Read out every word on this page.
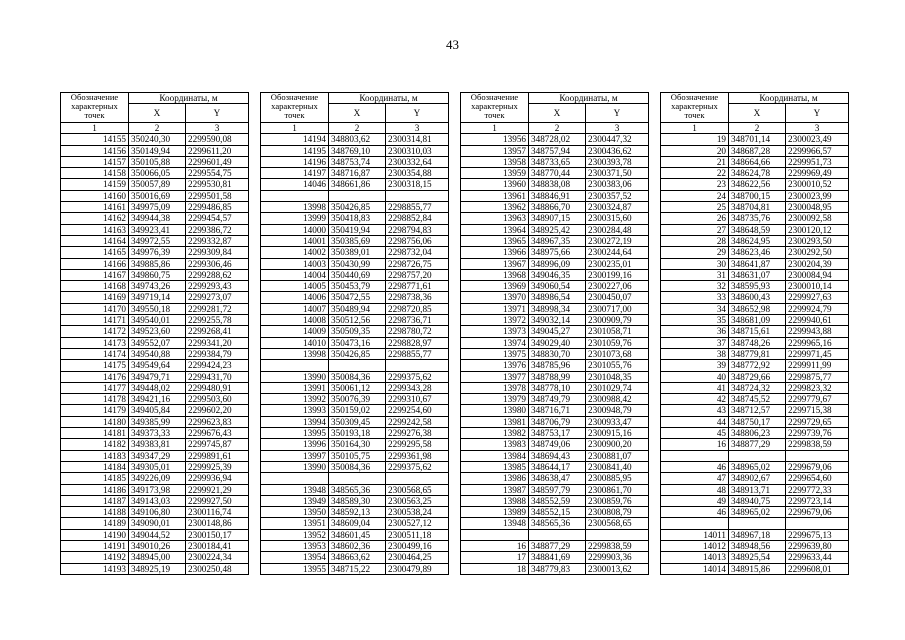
43
Обозначение характерных точек	Координаты, м	
	X	Y
1	2	3
14155	350240,30	2299590,08
14156	350149,94	2299611,20
14157	350105,88	2299601,49
14158	350066,05	2299554,75
14159	350057,89	2299530,81
14160	350016,69	2299501,58
14161	349975,09	2299486,85
14162	349944,38	2299454,57
14163	349923,41	2299386,72
14164	349972,55	2299332,87
14165	349976,39	2299309,84
14166	349885,86	2299306,46
14167	349860,75	2299288,62
14168	349743,26	2299293,43
14169	349719,14	2299273,07
14170	349550,18	2299281,72
14171	349540,01	2299255,78
14172	349523,60	2299268,41
14173	349552,07	2299341,20
14174	349540,88	2299384,79
14175	349549,64	2299424,23
14176	349479,71	2299431,70
14177	349448,02	2299480,91
14178	349421,16	2299503,60
14179	349405,84	2299602,20
14180	349385,99	2299623,83
14181	349373,33	2299676,43
14182	349383,81	2299745,87
14183	349347,29	2299891,61
14184	349305,01	2299925,39
14185	349226,09	2299936,94
14186	349173,98	2299921,29
14187	349143,03	2299927,50
14188	349106,80	2300116,74
14189	349090,01	2300148,86
14190	349044,52	2300150,17
14191	349010,26	2300184,41
14192	348945,00	2300224,34
14193	348925,19	2300250,48
Обозначение характерных точек	Координаты, м	
	X	Y
1	2	3
14194	348803,62	2300314,81
14195	348769,10	2300310,03
14196	348753,74	2300332,64
14197	348716,87	2300354,88
14046	348661,86	2300318,15

13998	350426,85	2298855,77
13999	350418,83	2298852,84
14000	350419,94	2298794,83
14001	350385,69	2298756,06
14002	350389,01	2298732,04
14003	350430,99	2298726,75
14004	350440,69	2298757,20
14005	350453,79	2298771,61
14006	350472,55	2298738,36
14007	350489,94	2298720,85
14008	350512,56	2298736,71
14009	350509,35	2298780,72
14010	350473,16	2298828,97
13998	350426,85	2298855,77

13990	350084,36	2299375,62
13991	350061,12	2299343,28
13992	350076,39	2299310,67
13993	350159,02	2299254,60
13994	350309,45	2299242,58
13995	350193,18	2299276,38
13996	350164,30	2299295,58
13997	350105,75	2299361,98
13990	350084,36	2299375,62

13948	348565,36	2300568,65
13949	348589,30	2300563,25
13950	348592,13	2300538,24
13951	348609,04	2300527,12
13952	348601,45	2300511,18
13953	348602,36	2300499,16
13954	348663,62	2300464,25
13955	348715,22	2300479,89
Обозначение характерных точек	Координаты, м	
	X	Y
1	2	3
13956	348728,02	2300447,32
13957	348757,94	2300436,62
13958	348733,65	2300393,78
13959	348770,44	2300371,50
13960	348838,08	2300383,06
13961	348846,91	2300357,52
13962	348866,70	2300324,87
13963	348907,15	2300315,60
13964	348925,42	2300284,48
13965	348967,35	2300272,19
13966	348975,66	2300244,64
13967	348996,09	2300235,01
13968	349046,35	2300199,16
13969	349060,54	2300227,06
13970	348986,54	2300450,07
13971	348998,34	2300717,00
13972	349032,14	2300909,79
13973	349045,27	2301058,71
13974	349029,40	2301059,76
13975	348830,70	2301073,68
13976	348785,96	2301055,76
13977	348788,99	2301048,35
13978	348778,10	2301029,74
13979	348749,79	2300988,42
13980	348716,71	2300948,79
13981	348706,79	2300933,47
13982	348753,17	2300915,16
13983	348749,06	2300900,20
13984	348694,43	2300881,07
13985	348644,17	2300841,40
13986	348638,47	2300885,95
13987	348597,79	2300861,70
13988	348552,59	2300859,76
13989	348552,15	2300808,79
13948	348565,36	2300568,65

16	348877,29	2299838,59
17	348841,69	2299903,36
18	348779,83	2300013,62
Обозначение характерных точек	Координаты, м	
	X	Y
1	2	3
19	348701,14	2300023,49
20	348687,28	2299966,57
21	348664,66	2299951,73
22	348624,78	2299969,49
23	348622,56	2300010,52
24	348700,15	2300023,99
25	348704,81	2300048,95
26	348735,76	2300092,58
27	348648,59	2300120,12
28	348624,95	2300293,50
29	348623,46	2300292,50
30	348641,87	2300204,39
31	348631,07	2300084,94
32	348595,93	2300010,14
33	348600,43	2299927,63
34	348652,98	2299924,79
35	348681,09	2299940,61
36	348715,61	2299943,88
37	348748,26	2299965,16
38	348779,81	2299971,45
39	348772,92	2299911,99
40	348729,66	2299875,77
41	348724,32	2299823,32
42	348745,52	2299779,67
43	348712,57	2299715,38
44	348750,17	2299729,65
45	348806,23	2299739,76
16	348877,29	2299838,59

46	348965,02	2299679,06
47	348902,67	2299654,60
48	348913,71	2299772,33
49	348940,75	2299723,14
46	348965,02	2299679,06

14011	348967,18	2299675,13
14012	348948,56	2299639,80
14013	348925,54	2299633,44
14014	348915,86	2299608,01
